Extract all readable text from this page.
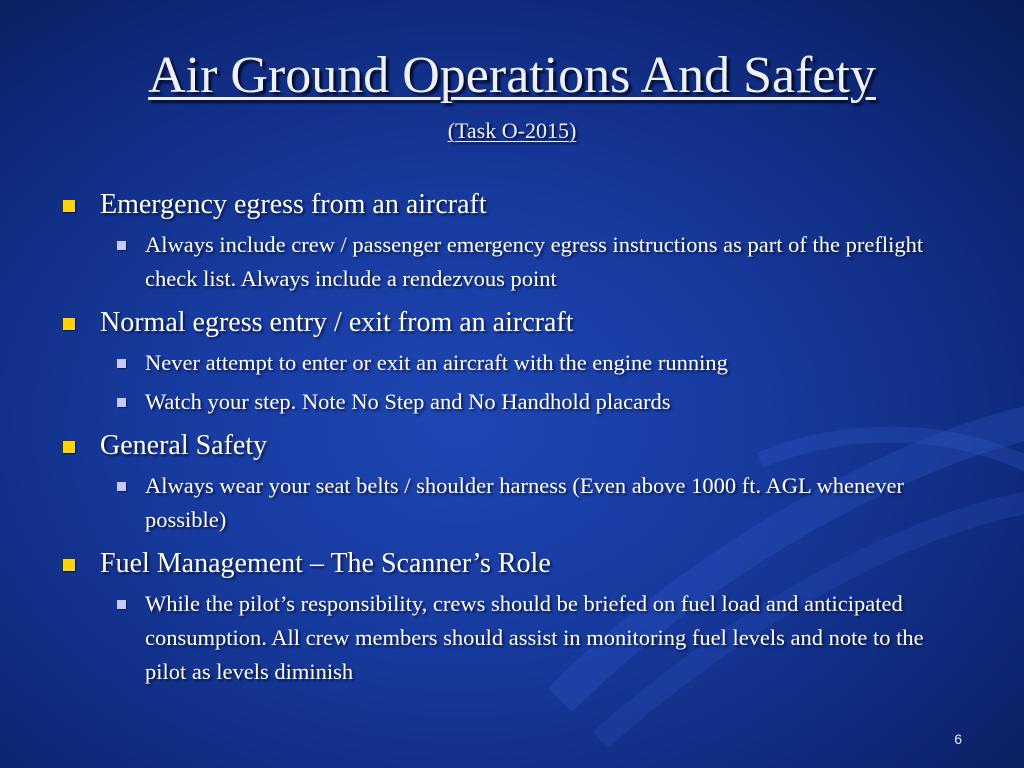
Air Ground Operations And Safety
(Task O-2015)
Emergency egress from an aircraft
Always include crew / passenger emergency egress instructions as part of the preflight check list. Always include a rendezvous point
Normal egress entry / exit from an aircraft
Never attempt to enter or exit an aircraft with the engine running
Watch your step. Note No Step and No Handhold placards
General Safety
Always wear your seat belts / shoulder harness (Even above 1000 ft. AGL whenever possible)
Fuel Management – The Scanner’s Role
While the pilot’s responsibility, crews should be briefed on fuel load and anticipated consumption. All crew members should assist in monitoring fuel levels and note to the pilot as levels diminish
6
